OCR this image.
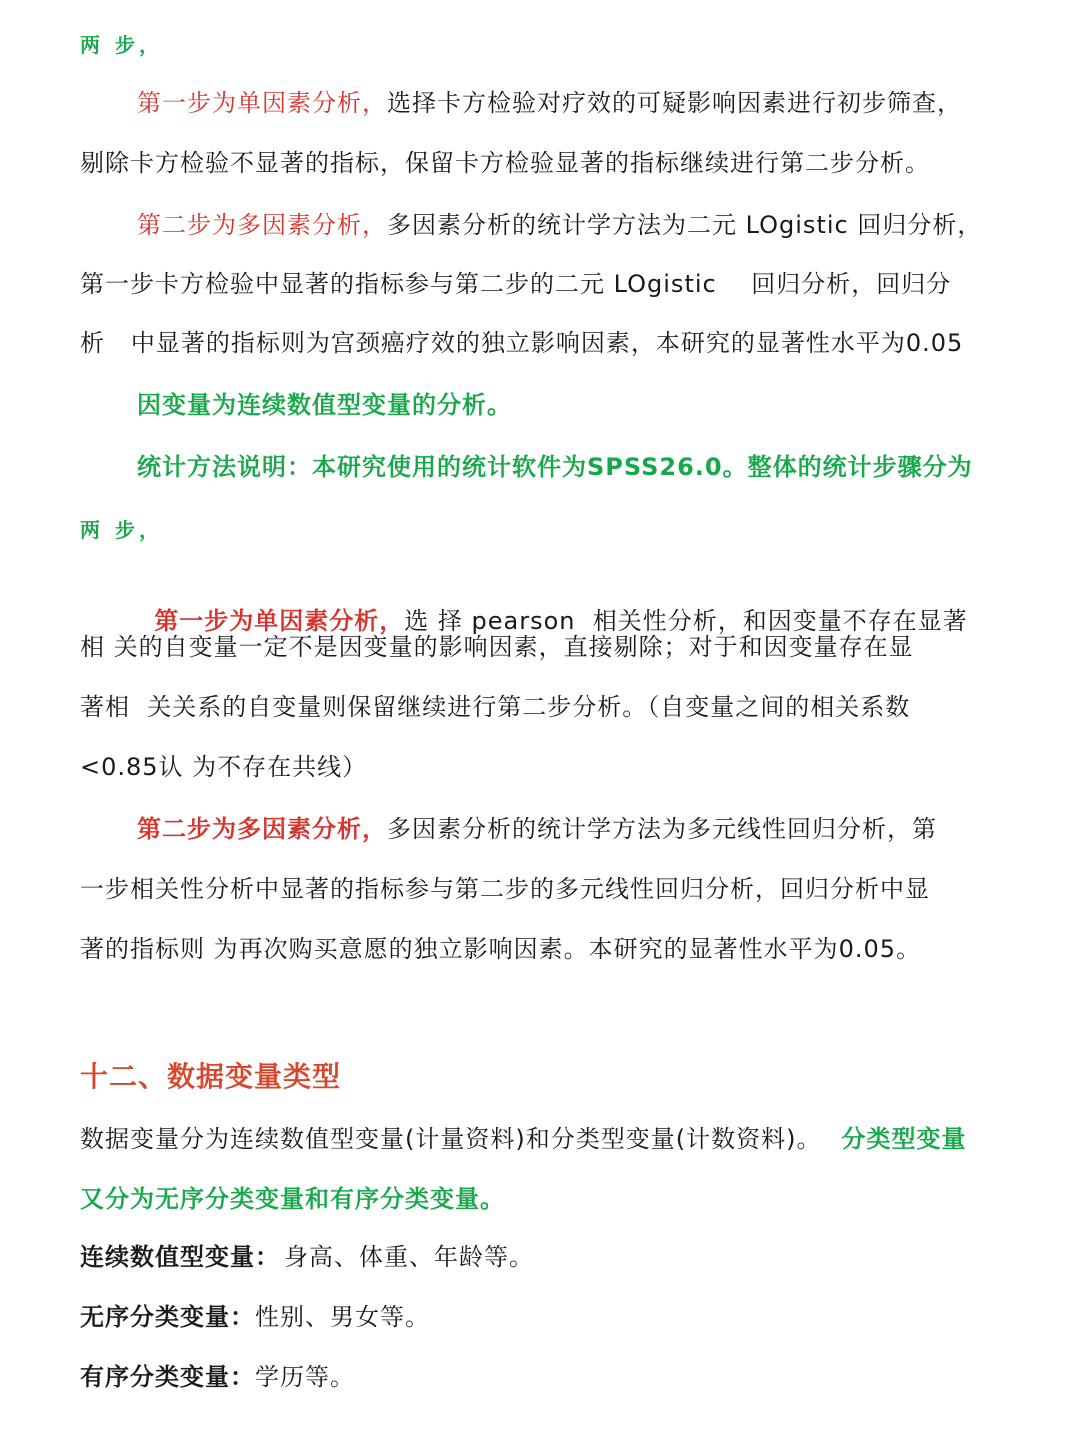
两 步，
第一步为单因素分析，选择卡方检验对疗效的可疑影响因素进行初步筛查，
剔除卡方检验不显著的指标，保留卡方检验显著的指标继续进行第二步分析。
第二步为多因素分析，多因素分析的统计学方法为二元 LOgistic 回归分析，
第一步卡方检验中显著的指标参与第二步的二元 LOgistic    回归分析，回归分
析   中显著的指标则为宫颈癌疗效的独立影响因素，本研究的显著性水平为0.05
因变量为连续数值型变量的分析。
统计方法说明：本研究使用的统计软件为SPSS26.0。整体的统计步骤分为
两 步，

第一步为单因素分析，选 择 pearson  相关性分析，和因变量不存在显著

相 关的自变量一定不是因变量的影响因素，直接剔除；对于和因变量存在显
著相  关关系的自变量则保留继续进行第二步分析。（自变量之间的相关系数
<0.85认 为不存在共线）
第二步为多因素分析，多因素分析的统计学方法为多元线性回归分析，第
一步相关性分析中显著的指标参与第二步的多元线性回归分析，回归分析中显
著的指标则 为再次购买意愿的独立影响因素。本研究的显著性水平为0.05。
十二、数据变量类型
数据变量分为连续数值型变量(计量资料)和分类型变量(计数资料)。 分类型变量
又分为无序分类变量和有序分类变量。
连续数值型变量： 身高、体重、年龄等。
无序分类变量：性别、男女等。
有序分类变量：学历等。
